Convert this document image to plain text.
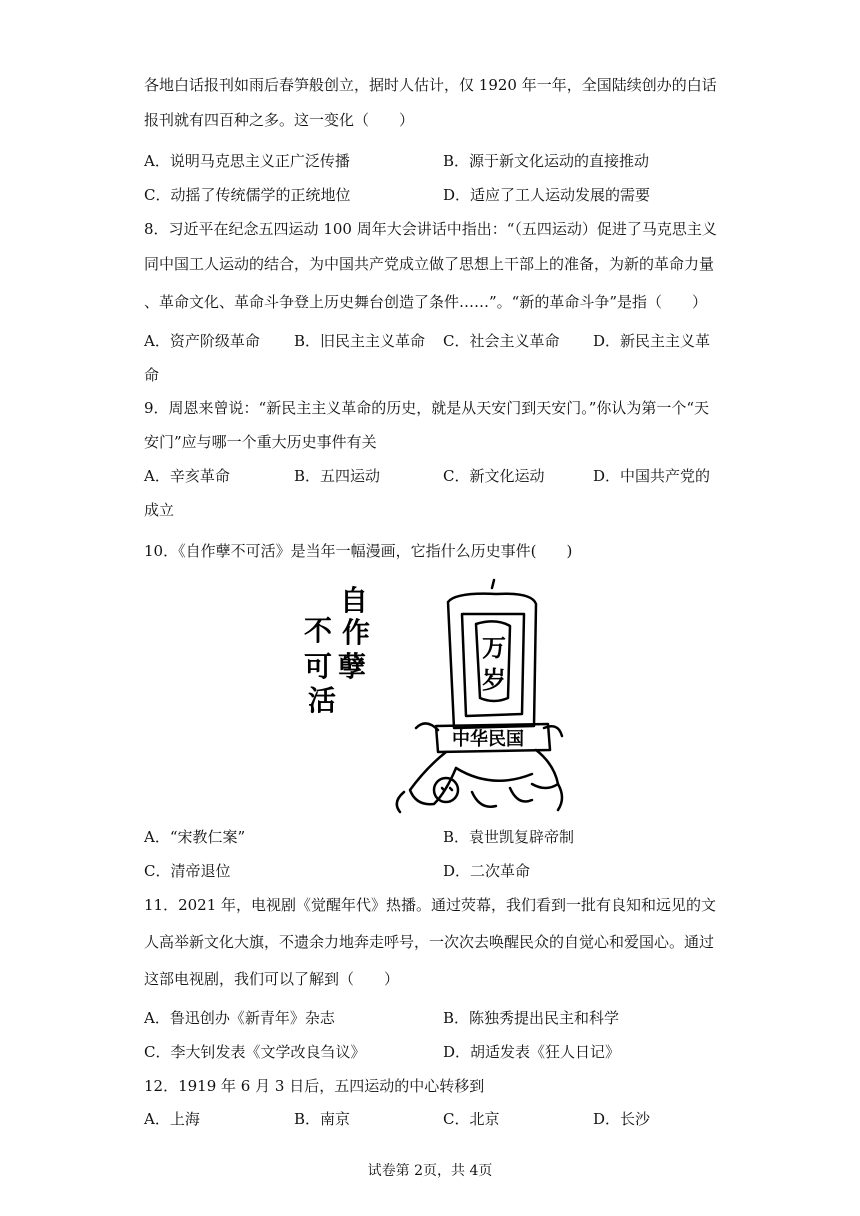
各地白话报刊如雨后春笋般创立，据时人估计，仅 1920 年一年，全国陆续创办的白话
报刊就有四百种之多。这一变化（　　）
A．说明马克思主义正广泛传播	B．源于新文化运动的直接推动
C．动摇了传统儒学的正统地位	D．适应了工人运动发展的需要
8．习近平在纪念五四运动 100 周年大会讲话中指出：“（五四运动）促进了马克思主义
同中国工人运动的结合，为中国共产党成立做了思想上干部上的准备，为新的革命力量
、革命文化、革命斗争登上历史舞台创造了条件……”。“新的革命斗争”是指（　　）
A．资产阶级革命 B．旧民主主义革命 C．社会主义革命 D．新民主主义革
命
9．周恩来曾说：“新民主主义革命的历史，就是从天安门到天安门。”你认为第一个“天
安门”应与哪一个重大历史事件有关
A．辛亥革命	B．五四运动	C．新文化运动	D．中国共产党的
成立
10．《自作孽不可活》是当年一幅漫画，它指什么历史事件(　　)
自
作
孽
不
可
活
万
岁
中华民国
A．“宋教仁案”	B．袁世凯复辟帝制
C．清帝退位	D．二次革命
11．2021 年，电视剧《觉醒年代》热播。通过荧幕，我们看到一批有良知和远见的文
人高举新文化大旗，不遗余力地奔走呼号，一次次去唤醒民众的自觉心和爱国心。通过
这部电视剧，我们可以了解到（　　）
A．鲁迅创办《新青年》杂志	B．陈独秀提出民主和科学
C．李大钊发表《文学改良刍议》	D．胡适发表《狂人日记》
12．1919 年 6 月 3 日后，五四运动的中心转移到
A．上海	B．南京	C．北京	D．长沙
试卷第 2页，共 4页
